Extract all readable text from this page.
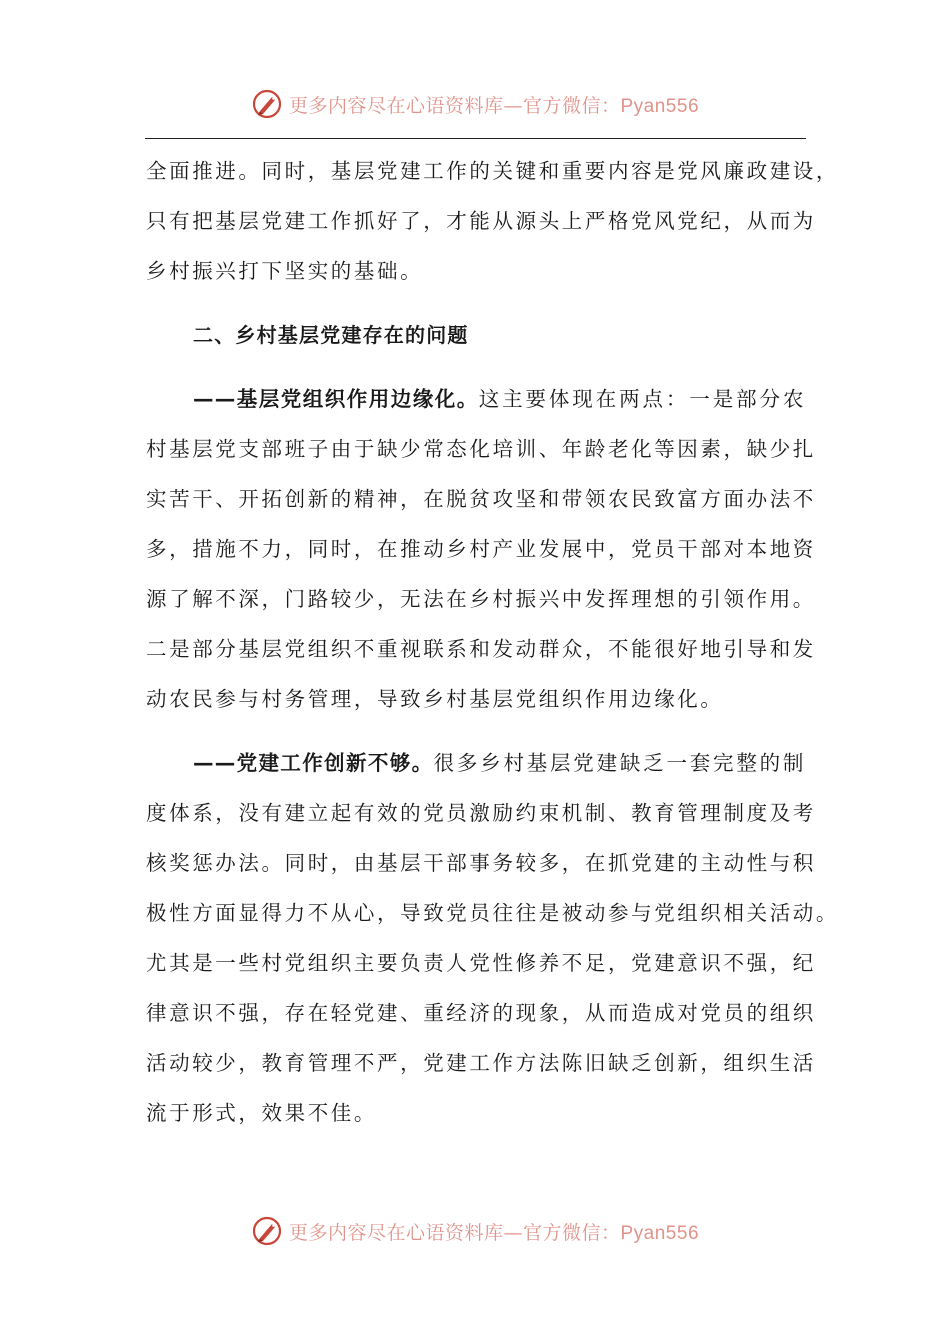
更多内容尽在心语资料库—官方微信：Pyan556
全面推进。同时，基层党建工作的关键和重要内容是党风廉政建设，
只有把基层党建工作抓好了，才能从源头上严格党风党纪，从而为
乡村振兴打下坚实的基础。
二、乡村基层党建存在的问题
——基层党组织作用边缘化。这主要体现在两点：一是部分农
村基层党支部班子由于缺少常态化培训、年龄老化等因素，缺少扎
实苦干、开拓创新的精神，在脱贫攻坚和带领农民致富方面办法不
多，措施不力，同时，在推动乡村产业发展中，党员干部对本地资
源了解不深，门路较少，无法在乡村振兴中发挥理想的引领作用。
二是部分基层党组织不重视联系和发动群众，不能很好地引导和发
动农民参与村务管理，导致乡村基层党组织作用边缘化。
——党建工作创新不够。很多乡村基层党建缺乏一套完整的制
度体系，没有建立起有效的党员激励约束机制、教育管理制度及考
核奖惩办法。同时，由基层干部事务较多，在抓党建的主动性与积
极性方面显得力不从心，导致党员往往是被动参与党组织相关活动。
尤其是一些村党组织主要负责人党性修养不足，党建意识不强，纪
律意识不强，存在轻党建、重经济的现象，从而造成对党员的组织
活动较少，教育管理不严，党建工作方法陈旧缺乏创新，组织生活
流于形式，效果不佳。
更多内容尽在心语资料库—官方微信：Pyan556
